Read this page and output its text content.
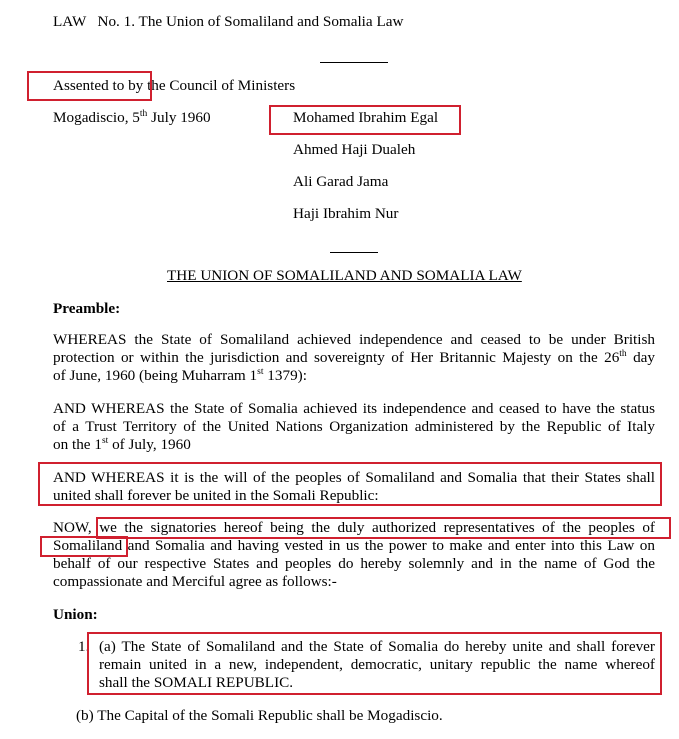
LAW   No. 1. The Union of Somaliland and Somalia Law
Assented to by the Council of Ministers
Mogadiscio, 5th July 1960	Mohamed Ibrahim Egal
Ahmed Haji Dualeh
Ali Garad Jama
Haji Ibrahim Nur
THE UNION OF SOMALILAND AND SOMALIA LAW
Preamble:
WHEREAS the State of Somaliland achieved independence and ceased to be under British
protection or within the jurisdiction and sovereignty of Her Britannic Majesty on the 26th day
of June, 1960 (being Muharram 1st 1379):
AND WHEREAS the State of Somalia achieved its independence and ceased to have the status
of a Trust Territory of the United Nations Organization administered by the Republic of Italy
on the 1st of July, 1960
AND WHEREAS it is the will of the peoples of Somaliland and Somalia that their States shall
united shall forever be united in the Somali Republic:
NOW, we the signatories hereof being the duly authorized representatives of the peoples of
Somaliland and Somalia and having vested in us the power to make and enter into this Law on
behalf of our respective States and peoples do hereby solemnly and in the name of God the
compassionate and Merciful agree as follows:-
Union:
1. (a) The State of Somaliland and the State of Somalia do hereby unite and shall forever
remain united in a new, independent, democratic, unitary republic the name whereof
shall the SOMALI REPUBLIC.
(b) The Capital of the Somali Republic shall be Mogadiscio.
